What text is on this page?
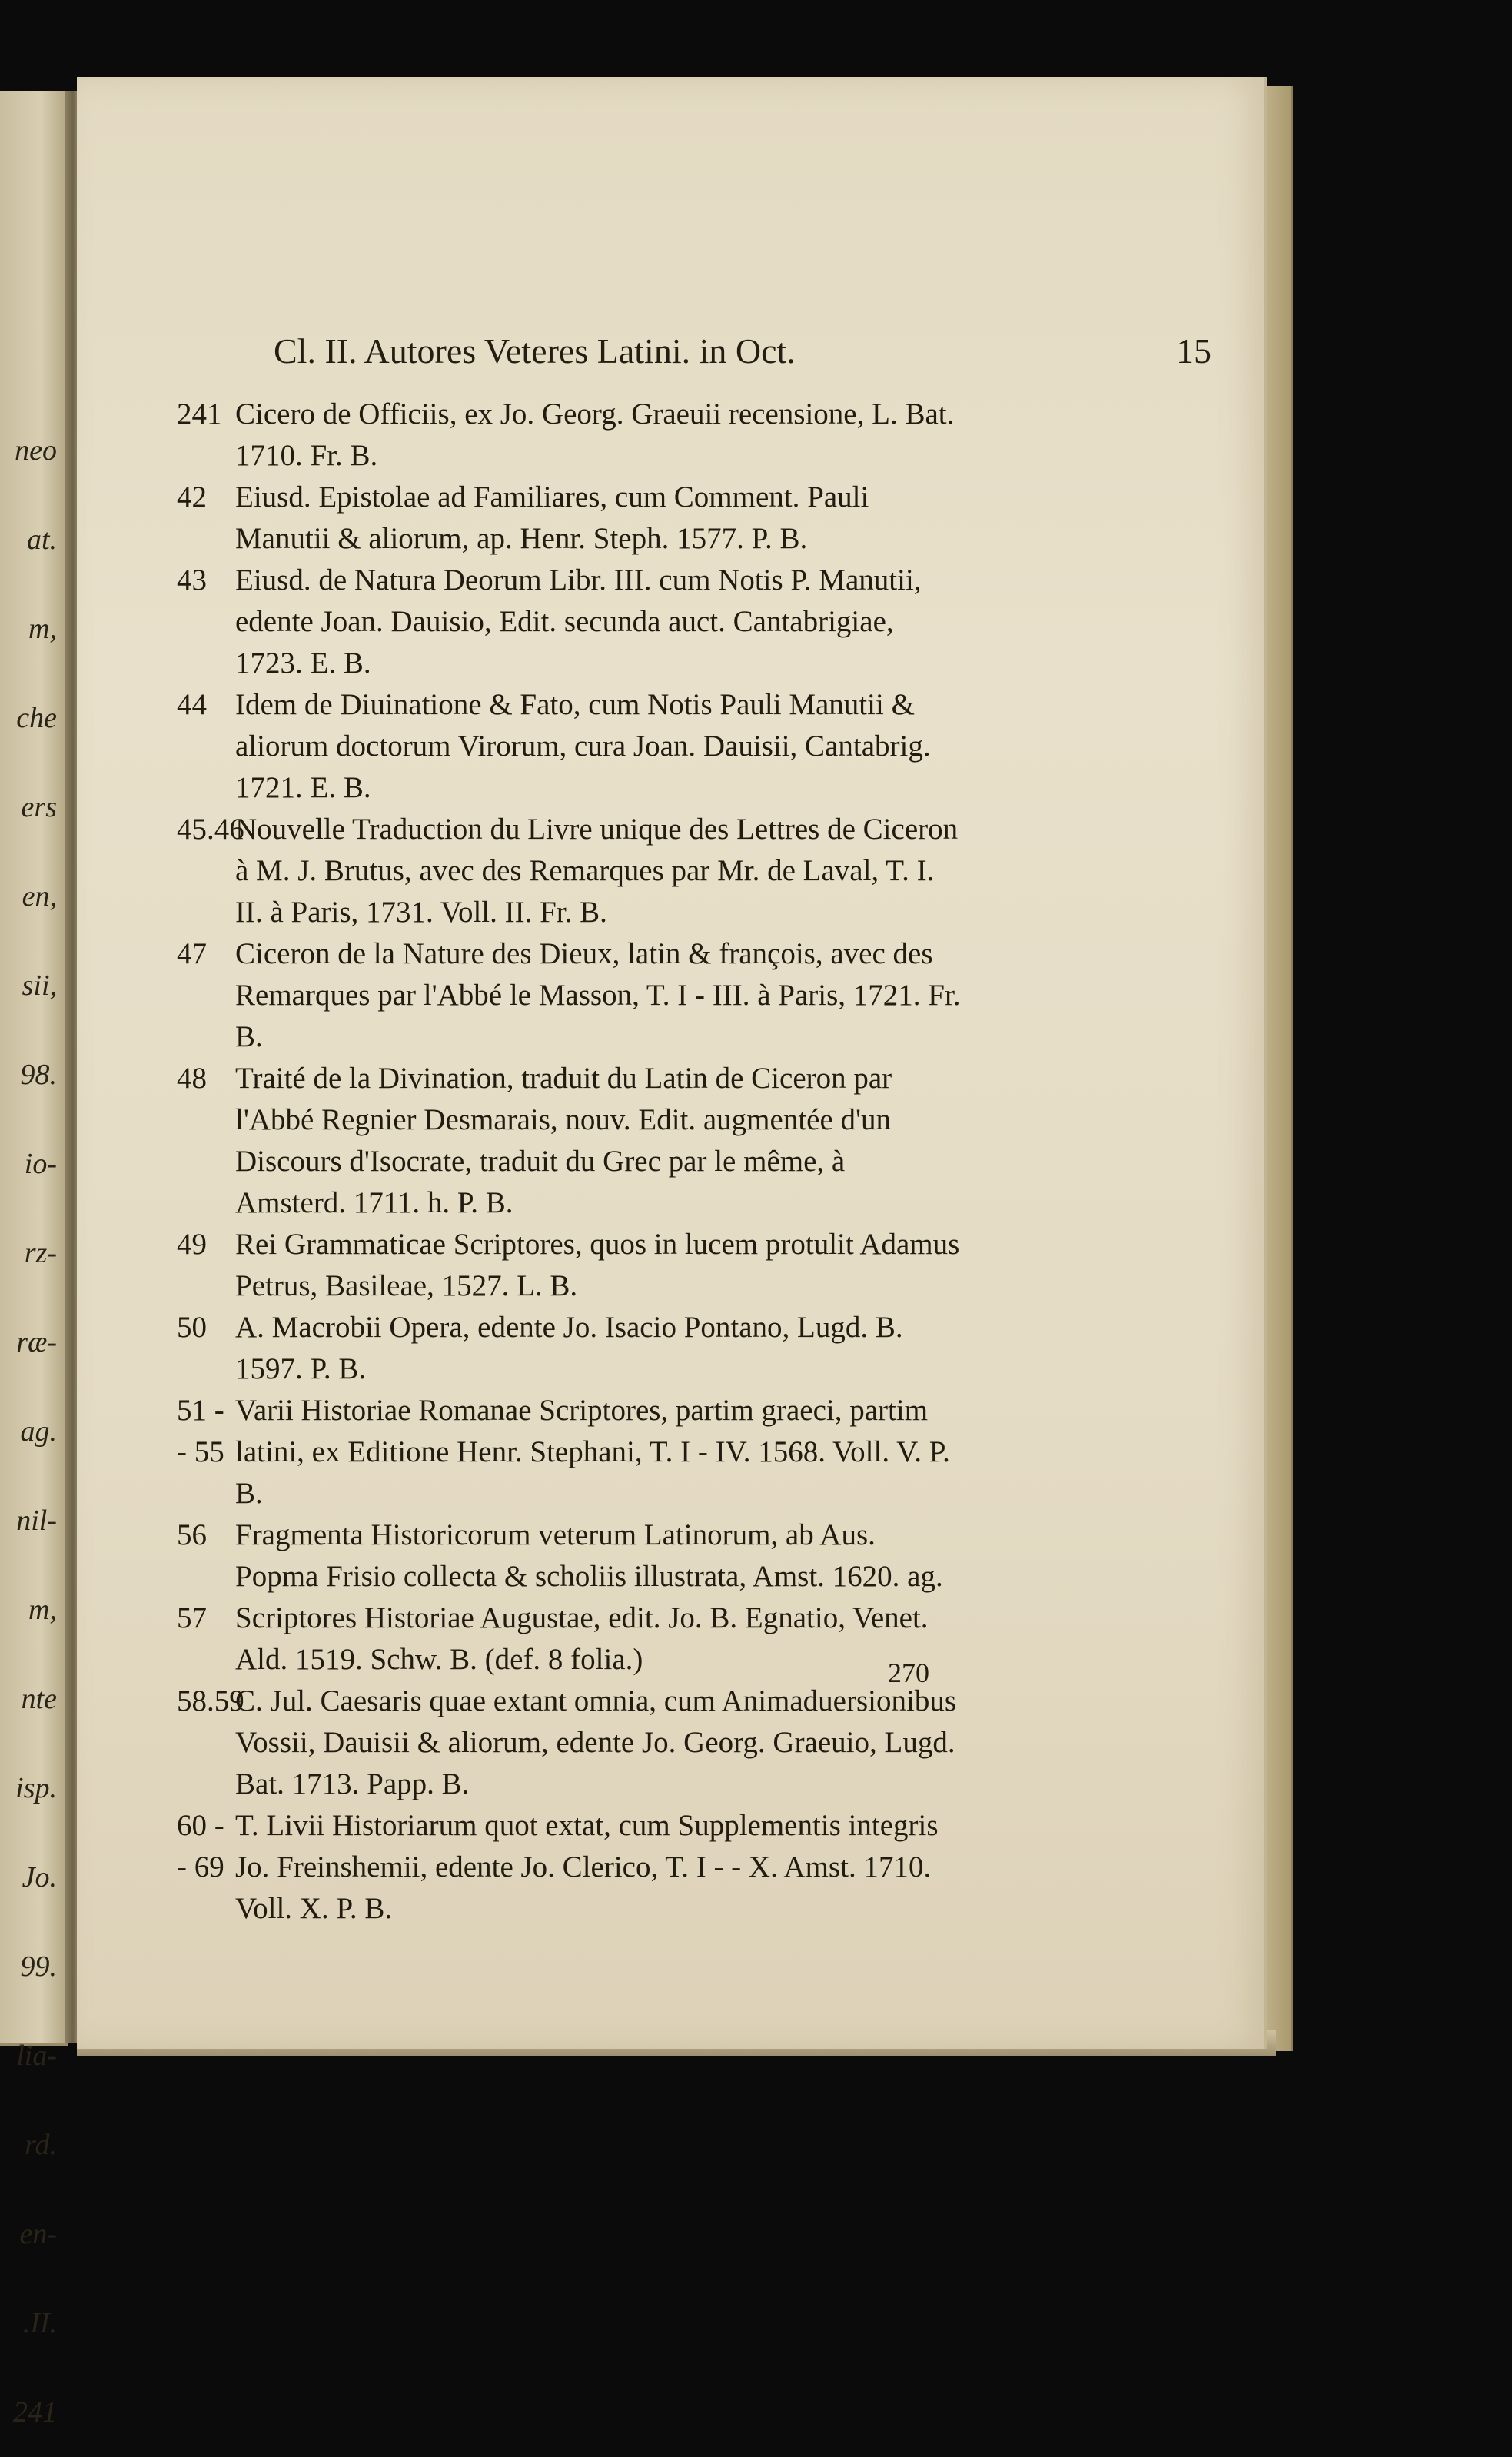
neo
at.
m,
che
ers
en,
sii,
98.
io-
rz-
ræ-
ag.
nil-
m,
nte
isp.
Jo.
99.
lia-
rd.
en-
.II.
241
Cl. II. Autores Veteres Latini. in Oct.	15
241 Cicero de Officiis, ex Jo. Georg. Graeuii recensione, L. Bat. 1710. Fr. B.
42 Eiusd. Epistolae ad Familiares, cum Comment. Pauli Manutii & aliorum, ap. Henr. Steph. 1577. P. B.
43 Eiusd. de Natura Deorum Libr. III. cum Notis P. Manutii, edente Joan. Dauisio, Edit. secunda auct. Cantabrigiae, 1723. E. B.
44 Idem de Diuinatione & Fato, cum Notis Pauli Manutii & aliorum doctorum Virorum, cura Joan. Dauisii, Cantabrig. 1721. E. B.
45.46
Nouvelle Traduction du Livre unique des Lettres de Ciceron à M. J. Brutus, avec des Remarques par Mr. de Laval, T. I. II. à Paris, 1731. Voll. II. Fr. B.
47 Ciceron de la Nature des Dieux, latin & françois, avec des Remarques par l'Abbé le Masson, T. I - III. à Paris, 1721. Fr. B.
48 Traité de la Divination, traduit du Latin de Ciceron par l'Abbé Regnier Desmarais, nouv. Edit. augmentée d'un Discours d'Isocrate, traduit du Grec par le même, à Amsterd. 1711. h. P. B.
49 Rei Grammaticae Scriptores, quos in lucem protulit Adamus Petrus, Basileae, 1527. L. B.
50 A. Macrobii Opera, edente Jo. Isacio Pontano, Lugd. B. 1597. P. B.
51 - - 55
Varii Historiae Romanae Scriptores, partim graeci, partim latini, ex Editione Henr. Stephani, T. I - IV. 1568. Voll. V. P. B.
56 Fragmenta Historicorum veterum Latinorum, ab Aus. Popma Frisio collecta & scholiis illustrata, Amst. 1620. ag.
57 Scriptores Historiae Augustae, edit. Jo. B. Egnatio, Venet. Ald. 1519. Schw. B. (def. 8 folia.)
58.59
C. Jul. Caesaris quae extant omnia, cum Animaduersionibus Vossii, Dauisii & aliorum, edente Jo. Georg. Graeuio, Lugd. Bat. 1713. Papp. B.
60 - - 69
T. Livii Historiarum quot extat, cum Supplementis integris Jo. Freinshemii, edente Jo. Clerico, T. I - - X. Amst. 1710. Voll. X. P. B.
270
